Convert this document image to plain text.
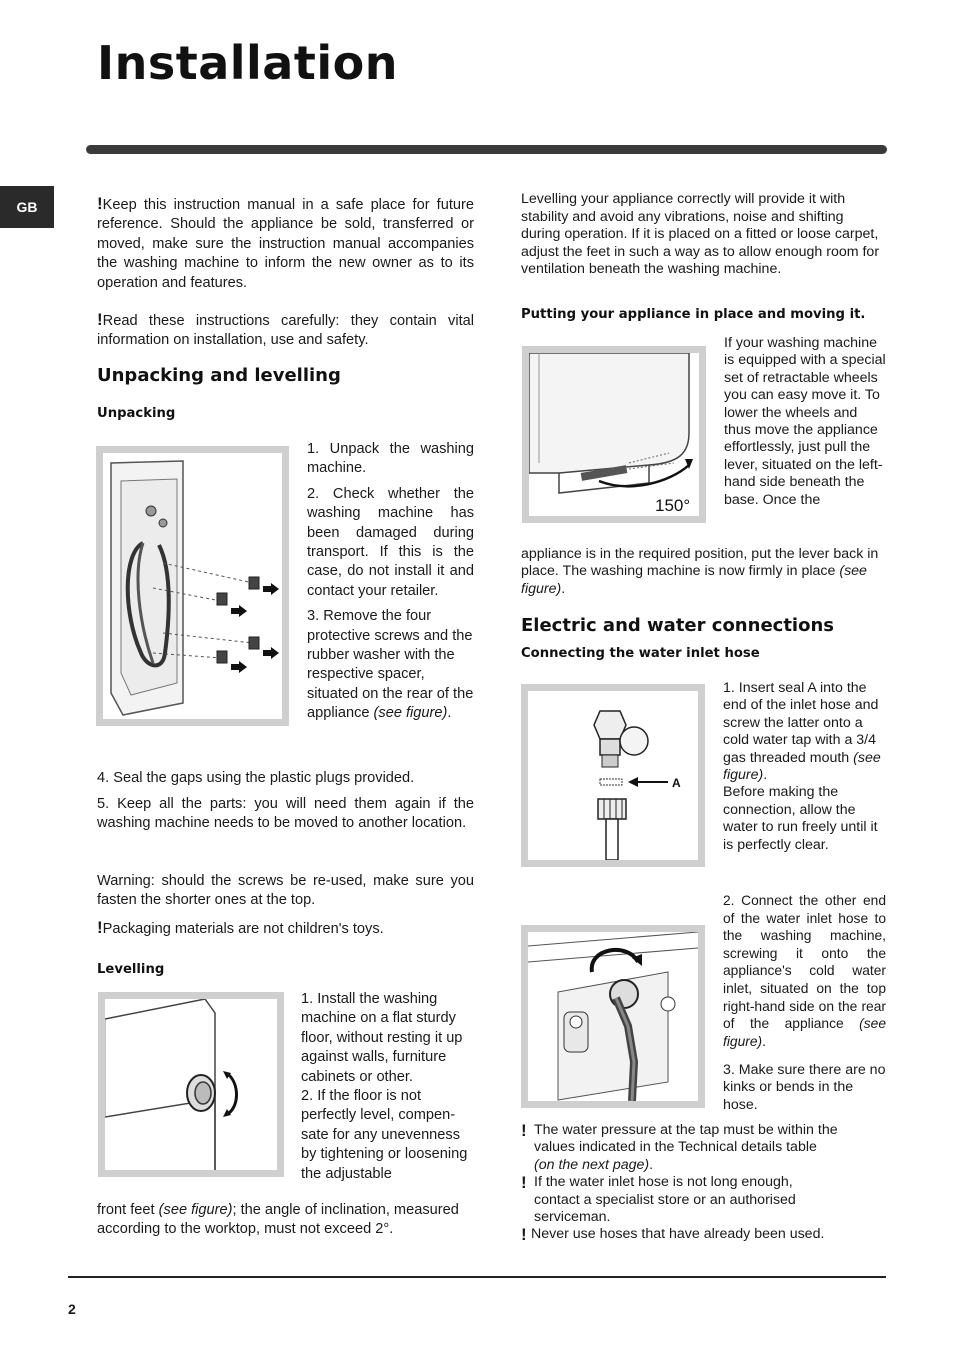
Installation
GB	!Keep this instruction manual in a safe place for future reference. Should the appliance be sold, transferred or moved, make sure the instruction manual accompanies the washing machine to inform the new owner as to its operation and features.
!Read these instructions carefully: they contain vital information on installation, use and safety.
Unpacking and levelling
Unpacking

1. Unpack the washing machine.

2. Check whether the washing machine has been damaged during transport. If this is the case, do not install it and contact your retailer.

3. Remove the four protective screws and the rubber washer with the respective spacer, situated on the rear of the appliance (see figure).

4. Seal the gaps using the plastic plugs provided.
5. Keep all the parts: you will need them again if the washing machine needs to be moved to another location.
Warning: should the screws be re-used, make sure you fasten the shorter ones at the top.
!Packaging materials are not children's toys.
Levelling

1. Install the washing machine on a flat sturdy floor, without resting it up against walls, furniture cabinets or other.

2. If the floor is not perfectly level, compen-sate for any unevenness by tightening or loosening the adjustable

front feet (see figure); the angle of inclination, measured according to the worktop, must not exceed 2°.
Levelling your appliance correctly will provide it with stability and avoid any vibrations, noise and shifting during operation. If it is placed on a fitted or loose carpet, adjust the feet in such a way as to allow enough room for ventilation beneath the washing machine.
Putting your appliance in place and moving it.
150°
If your washing machine is equipped with a special set of retractable wheels you can easy move it. To lower the wheels and thus move the appliance effortlessly, just pull the lever, situated on the left-hand side beneath the base. Once the
appliance is in the required position, put the lever back in place. The washing machine is now firmly in place (see figure).
Electric and water connections
Connecting the water inlet hose
A
1. Insert seal A into the end of the inlet hose and screw the latter onto a cold water tap with a 3/4 gas threaded mouth (see figure).
Before making the connection, allow the water to run freely until it is perfectly clear.
2. Connect the other end of the water inlet hose to the washing machine, screwing it onto the appliance's cold water inlet, situated on the top right-hand side on the rear of the appliance (see figure).
3. Make sure there are no kinks or bends in the hose.
! The water pressure at the tap must be within the values indicated in the Technical details table
(on the next page).
! If the water inlet hose is not long enough, contact a specialist store or an authorised serviceman.
! Never use hoses that have already been used.
2
